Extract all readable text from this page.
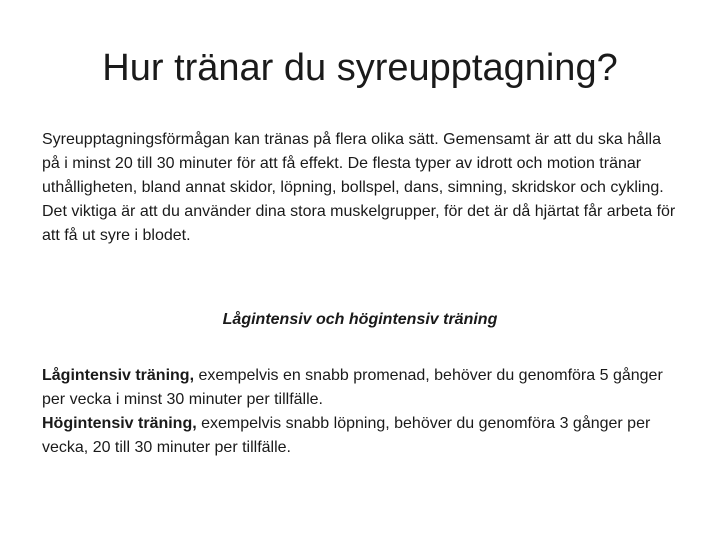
Hur tränar du syreupptagning?

Syreupptagningsförmågan kan tränas på flera olika sätt. Gemensamt är att du ska hålla på i minst 20 till 30 minuter för att få effekt. De flesta typer av idrott och motion tränar uthålligheten, bland annat skidor, löpning, bollspel, dans, simning, skridskor och cykling.

Det viktiga är att du använder dina stora muskelgrupper, för det är då hjärtat får arbeta för att få ut syre i blodet.

Lågintensiv och högintensiv träning

Lågintensiv träning, exempelvis en snabb promenad, behöver du genomföra 5 gånger per vecka i minst 30 minuter per tillfälle.

Högintensiv träning, exempelvis snabb löpning, behöver du genomföra 3 gånger per vecka, 20 till 30 minuter per tillfälle.
